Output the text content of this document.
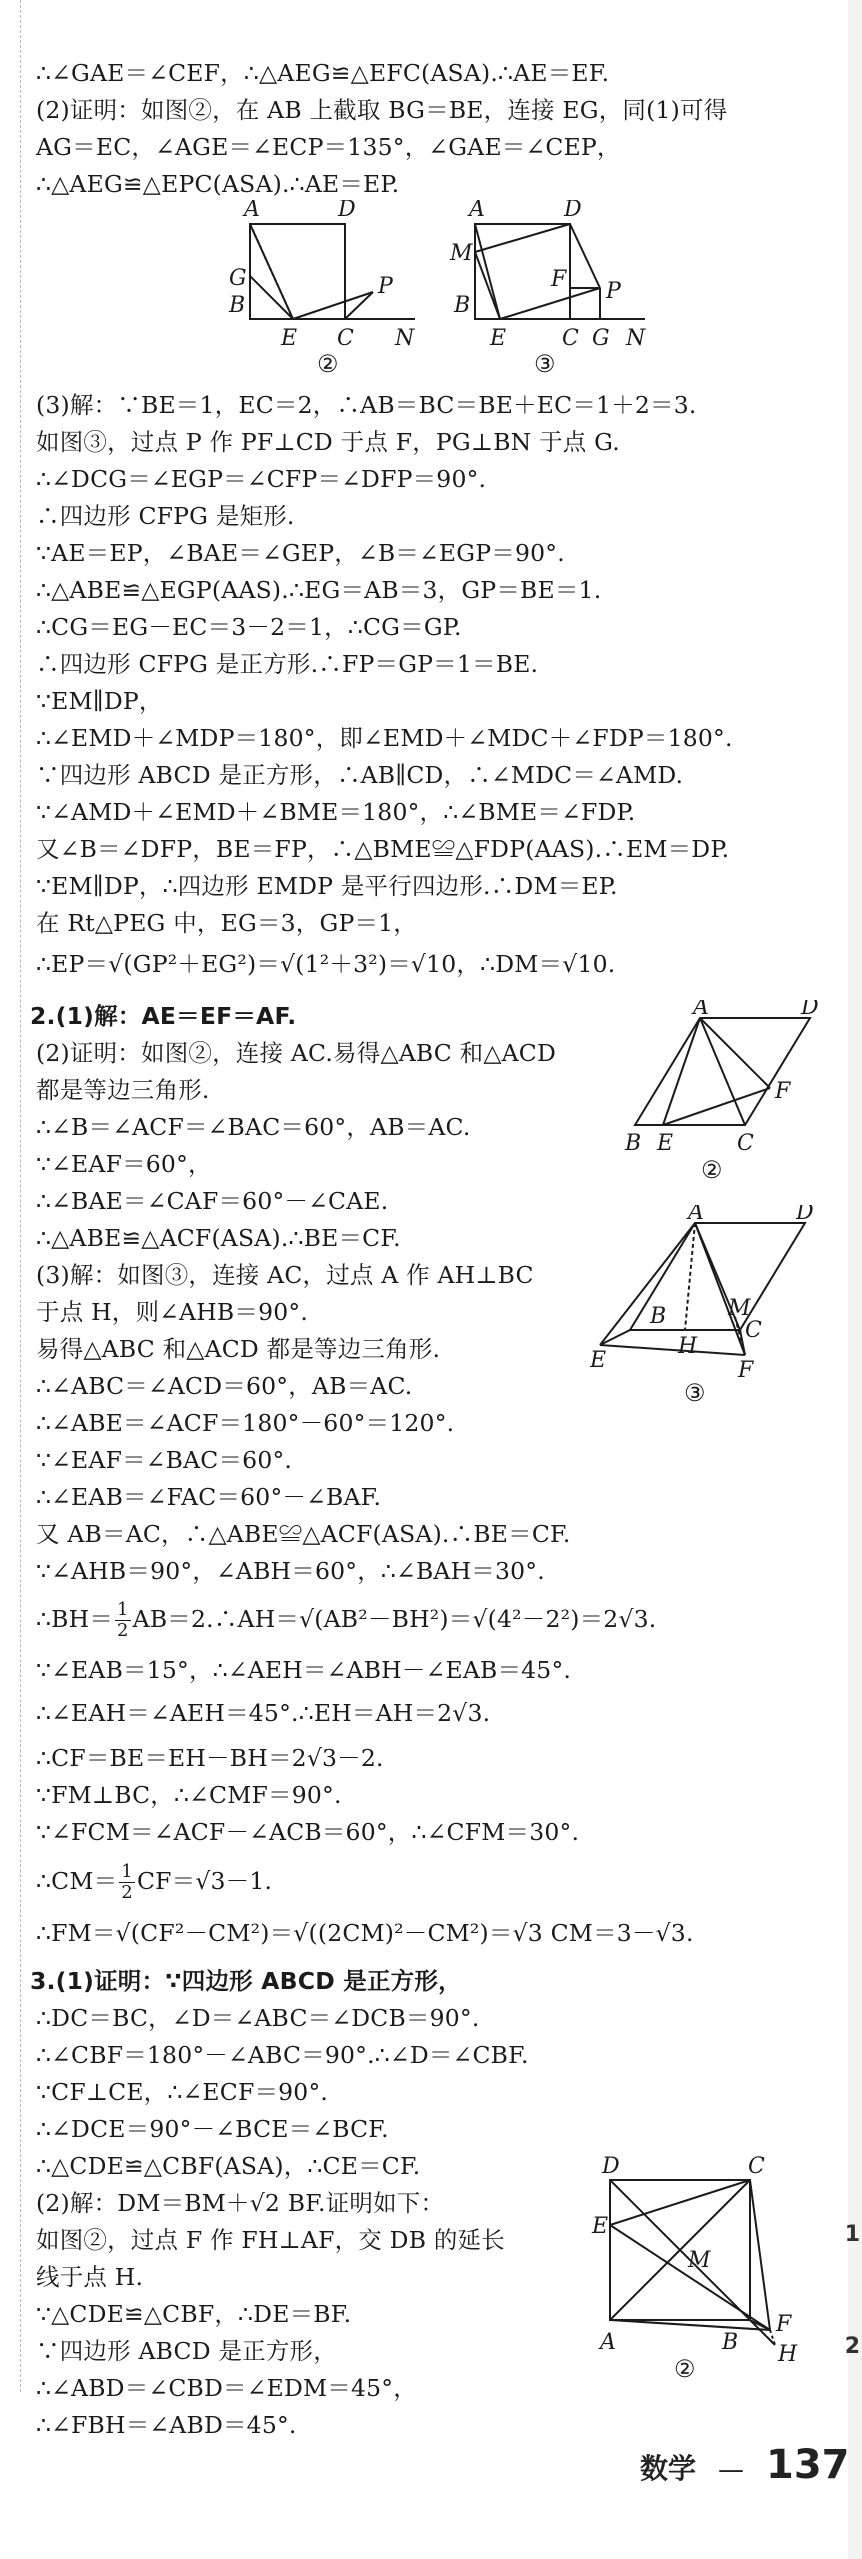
1
2
∴∠GAE＝∠CEF，∴△AEG≌△EFC(ASA).∴AE＝EF.
(2)证明：如图②，在 AB 上截取 BG＝BE，连接 EG，同(1)可得
AG＝EC，∠AGE＝∠ECP＝135°，∠GAE＝∠CEP，
∴△AEG≌△EPC(ASA).∴AE＝EP.
A	D
G
B
E C
P
N
②
A	D
M
F P
B
E	C G N
③
(3)解：∵BE＝1，EC＝2，∴AB＝BC＝BE＋EC＝1＋2＝3.
如图③，过点 P 作 PF⊥CD 于点 F，PG⊥BN 于点 G.
∴∠DCG＝∠EGP＝∠CFP＝∠DFP＝90°.
∴四边形 CFPG 是矩形.
∵AE＝EP，∠BAE＝∠GEP，∠B＝∠EGP＝90°.
∴△ABE≌△EGP(AAS).∴EG＝AB＝3，GP＝BE＝1.
∴CG＝EG－EC＝3－2＝1，∴CG＝GP.
∴四边形 CFPG 是正方形.∴FP＝GP＝1＝BE.
∵EM∥DP，
∴∠EMD＋∠MDP＝180°，即∠EMD＋∠MDC＋∠FDP＝180°.
∵四边形 ABCD 是正方形，∴AB∥CD，∴∠MDC＝∠AMD.
∵∠AMD＋∠EMD＋∠BME＝180°，∴∠BME＝∠FDP.
又∠B＝∠DFP，BE＝FP，∴△BME≌△FDP(AAS).∴EM＝DP.
∵EM∥DP，∴四边形 EMDP 是平行四边形.∴DM＝EP.
在 Rt△PEG 中，EG＝3，GP＝1，
∴EP＝√(GP²＋EG²)＝√(1²＋3²)＝√10，∴DM＝√10.
2.(1)解：AE＝EF＝AF.
(2)证明：如图②，连接 AC.易得△ABC 和△ACD
都是等边三角形.
∴∠B＝∠ACF＝∠BAC＝60°，AB＝AC.
∵∠EAF＝60°，
∴∠BAE＝∠CAF＝60°－∠CAE.
∴△ABE≌△ACF(ASA).∴BE＝CF.
A	D
B E	C
F
②
(3)解：如图③，连接 AC，过点 A 作 AH⊥BC
于点 H，则∠AHB＝90°.
易得△ABC 和△ACD 都是等边三角形.
∴∠ABC＝∠ACD＝60°，AB＝AC.
∴∠ABE＝∠ACF＝180°－60°＝120°.
∵∠EAF＝∠BAC＝60°.
∴∠EAB＝∠FAC＝60°－∠BAF.
又 AB＝AC，∴△ABE≌△ACF(ASA).∴BE＝CF.
∵∠AHB＝90°，∠ABH＝60°，∴∠BAH＝30°.
A	D
B	M
C
E
H
F
③
∴BH＝ $\frac{1}{2}$ AB＝2.∴AH＝√(AB²－BH²)＝√(4²－2²)＝2√3.
∵∠EAB＝15°，∴∠AEH＝∠ABH－∠EAB＝45°.
∴∠EAH＝∠AEH＝45°.∴EH＝AH＝2√3.
∴CF＝BE＝EH－BH＝2√3－2.
∵FM⊥BC，∴∠CMF＝90°.
∵∠FCM＝∠ACF－∠ACB＝60°，∴∠CFM＝30°.
∴CM＝ $\frac{1}{2} CF=√3-1$.
∴FM＝√(CF²－CM²)＝√((2CM)²－CM²)＝√3 CM＝3－√3.
3.(1)证明：∵四边形 ABCD 是正方形，
∴DC＝BC，∠D＝∠ABC＝∠DCB＝90°.
∴∠CBF＝180°－∠ABC＝90°.∴∠D＝∠CBF.
∵CF⊥CE，∴∠ECF＝90°.
∴∠DCE＝90°－∠BCE＝∠BCF.
∴△CDE≌△CBF(ASA)，∴CE＝CF.
(2)解：DM＝BM＋√2 BF.证明如下：
如图②，过点 F 作 FH⊥AF，交 DB 的延长
线于点 H.
∵△CDE≌△CBF，∴DE＝BF.
∵四边形 ABCD 是正方形，
∴∠ABD＝∠CBD＝∠EDM＝45°，
∴∠FBH＝∠ABD＝45°.
D	C
E
M
A	B
F
H
②
数学 — 137
